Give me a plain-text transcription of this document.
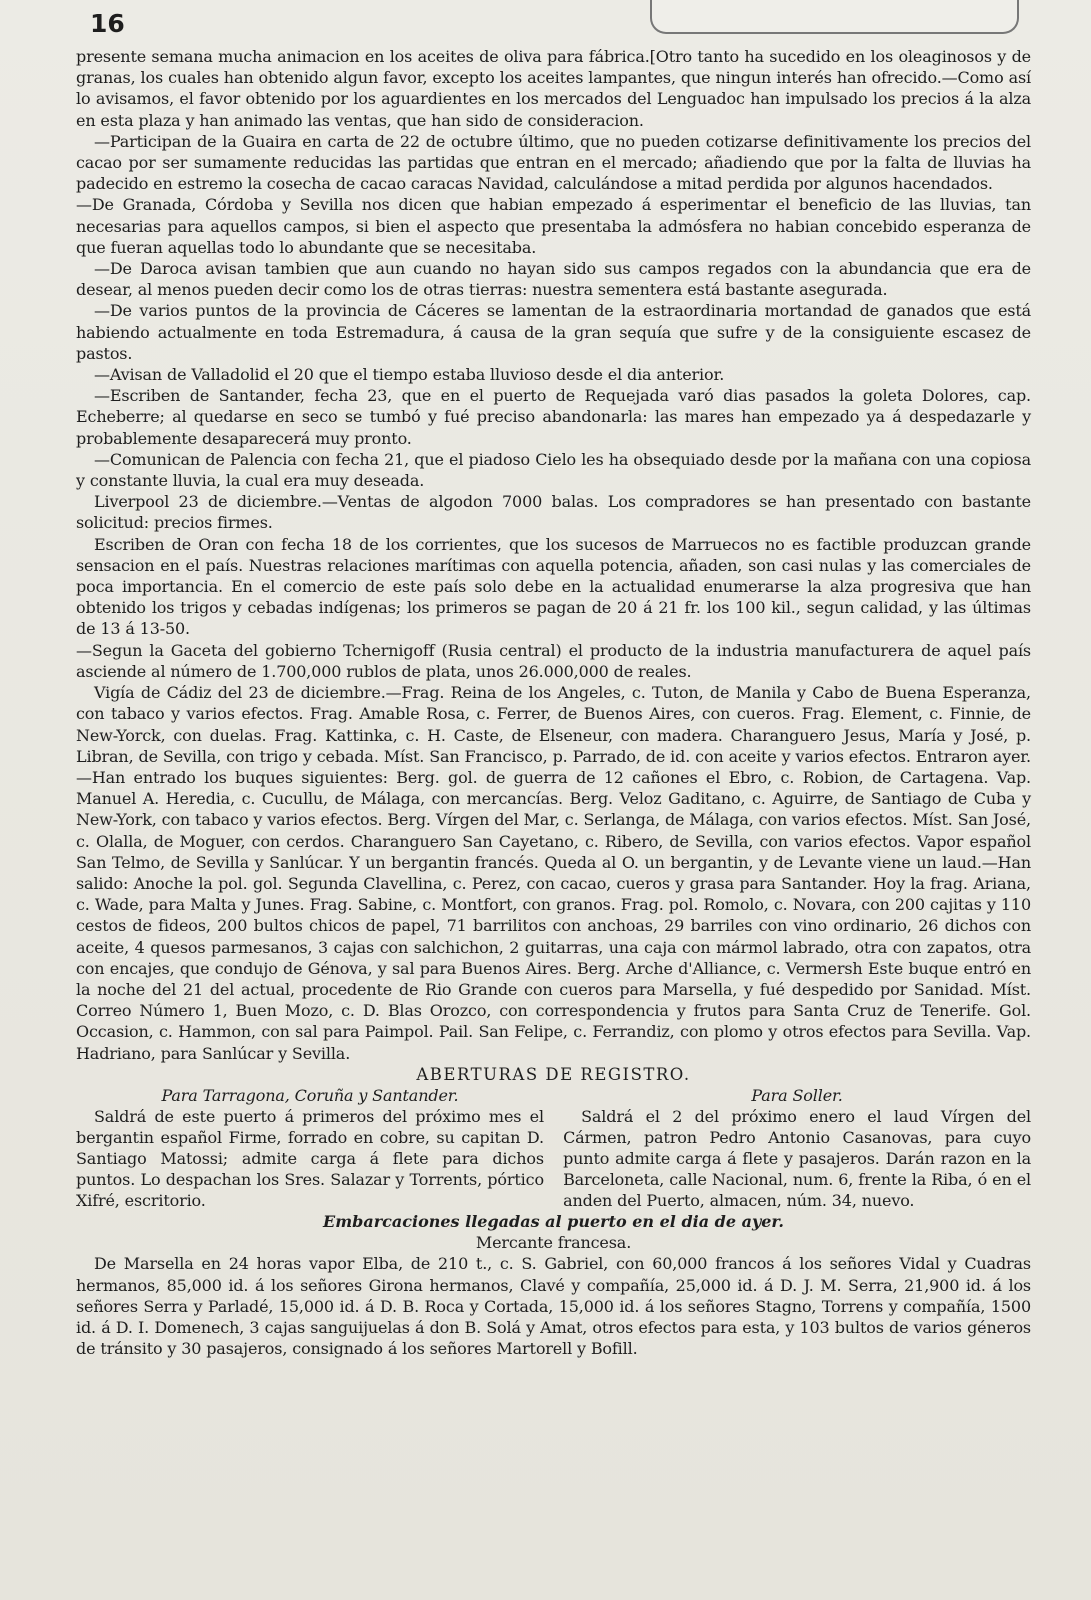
16

presente semana mucha animacion en los aceites de oliva para fábrica.[Otro tanto ha sucedido en los oleaginosos y de granas, los cuales han obtenido algun favor, excepto los aceites lampantes, que ningun interés han ofrecido.—Como así lo avisamos, el favor obtenido por los aguardientes en los mercados del Lenguadoc han impulsado los precios á la alza en esta plaza y han animado las ventas, que han sido de consideracion.

—Participan de la Guaira en carta de 22 de octubre último, que no pueden cotizarse definitivamente los precios del cacao por ser sumamente reducidas las partidas que entran en el mercado; añadiendo que por la falta de lluvias ha padecido en estremo la cosecha de cacao caracas Navidad, calculándose a mitad perdida por algunos hacendados.

—De Granada, Córdoba y Sevilla nos dicen que habian empezado á esperimentar el beneficio de las lluvias, tan necesarias para aquellos campos, si bien el aspecto que presentaba la admósfera no habian concebido esperanza de que fueran aquellas todo lo abundante que se necesitaba.

—De Daroca avisan tambien que aun cuando no hayan sido sus campos regados con la abundancia que era de desear, al menos pueden decir como los de otras tierras: nuestra sementera está bastante asegurada.

—De varios puntos de la provincia de Cáceres se lamentan de la estraordinaria mortandad de ganados que está habiendo actualmente en toda Estremadura, á causa de la gran sequía que sufre y de la consiguiente escasez de pastos.

—Avisan de Valladolid el 20 que el tiempo estaba lluvioso desde el dia anterior.

—Escriben de Santander, fecha 23, que en el puerto de Requejada varó dias pasados la goleta Dolores, cap. Echeberre; al quedarse en seco se tumbó y fué preciso abandonarla: las mares han empezado ya á despedazarle y probablemente desaparecerá muy pronto.

—Comunican de Palencia con fecha 21, que el piadoso Cielo les ha obsequiado desde por la mañana con una copiosa y constante lluvia, la cual era muy deseada.

Liverpool 23 de diciembre.—Ventas de algodon 7000 balas. Los compradores se han presentado con bastante solicitud: precios firmes.

Escriben de Oran con fecha 18 de los corrientes, que los sucesos de Marruecos no es factible produzcan grande sensacion en el país. Nuestras relaciones marítimas con aquella potencia, añaden, son casi nulas y las comerciales de poca importancia. En el comercio de este país solo debe en la actualidad enumerarse la alza progresiva que han obtenido los trigos y cebadas indígenas; los primeros se pagan de 20 á 21 fr. los 100 kil., segun calidad, y las últimas de 13 á 13-50.

—Segun la Gaceta del gobierno Tchernigoff (Rusia central) el producto de la industria manufacturera de aquel país asciende al número de 1.700,000 rublos de plata, unos 26.000,000 de reales.

Vigía de Cádiz del 23 de diciembre.—Frag. Reina de los Angeles, c. Tuton, de Manila y Cabo de Buena Esperanza, con tabaco y varios efectos. Frag. Amable Rosa, c. Ferrer, de Buenos Aires, con cueros. Frag. Element, c. Finnie, de New-Yorck, con duelas. Frag. Kattinka, c. H. Caste, de Elseneur, con madera. Charanguero Jesus, María y José, p. Libran, de Sevilla, con trigo y cebada. Míst. San Francisco, p. Parrado, de id. con aceite y varios efectos. Entraron ayer.—Han entrado los buques siguientes: Berg. gol. de guerra de 12 cañones el Ebro, c. Robion, de Cartagena. Vap. Manuel A. Heredia, c. Cucullu, de Málaga, con mercancías. Berg. Veloz Gaditano, c. Aguirre, de Santiago de Cuba y New-York, con tabaco y varios efectos. Berg. Vírgen del Mar, c. Serlanga, de Málaga, con varios efectos. Míst. San José, c. Olalla, de Moguer, con cerdos. Charanguero San Cayetano, c. Ribero, de Sevilla, con varios efectos. Vapor español San Telmo, de Sevilla y Sanlúcar. Y un bergantin francés. Queda al O. un bergantin, y de Levante viene un laud.—Han salido: Anoche la pol. gol. Segunda Clavellina, c. Perez, con cacao, cueros y grasa para Santander. Hoy la frag. Ariana, c. Wade, para Malta y Junes. Frag. Sabine, c. Montfort, con granos. Frag. pol. Romolo, c. Novara, con 200 cajitas y 110 cestos de fideos, 200 bultos chicos de papel, 71 barrilitos con anchoas, 29 barriles con vino ordinario, 26 dichos con aceite, 4 quesos parmesanos, 3 cajas con salchichon, 2 guitarras, una caja con mármol labrado, otra con zapatos, otra con encajes, que condujo de Génova, y sal para Buenos Aires. Berg. Arche d'Alliance, c. Vermersh Este buque entró en la noche del 21 del actual, procedente de Rio Grande con cueros para Marsella, y fué despedido por Sanidad. Míst. Correo Número 1, Buen Mozo, c. D. Blas Orozco, con correspondencia y frutos para Santa Cruz de Tenerife. Gol. Occasion, c. Hammon, con sal para Paimpol. Pail. San Felipe, c. Ferrandiz, con plomo y otros efectos para Sevilla. Vap. Hadriano, para Sanlúcar y Sevilla.

ABERTURAS DE REGISTRO.

Para Tarragona, Coruña y Santander.

Saldrá de este puerto á primeros del próximo mes el bergantin español Firme, forrado en cobre, su capitan D. Santiago Matossi; admite carga á flete para dichos puntos. Lo despachan los Sres. Salazar y Torrents, pórtico Xifré, escritorio.

Para Soller.

Saldrá el 2 del próximo enero el laud Vírgen del Cármen, patron Pedro Antonio Casanovas, para cuyo punto admite carga á flete y pasajeros. Darán razon en la Barceloneta, calle Nacional, num. 6, frente la Riba, ó en el anden del Puerto, almacen, núm. 34, nuevo.

Embarcaciones llegadas al puerto en el dia de ayer.

Mercante francesa.

De Marsella en 24 horas vapor Elba, de 210 t., c. S. Gabriel, con 60,000 francos á los señores Vidal y Cuadras hermanos, 85,000 id. á los señores Girona hermanos, Clavé y compañía, 25,000 id. á D. J. M. Serra, 21,900 id. á los señores Serra y Parladé, 15,000 id. á D. B. Roca y Cortada, 15,000 id. á los señores Stagno, Torrens y compañía, 1500 id. á D. I. Domenech, 3 cajas sanguijuelas á don B. Solá y Amat, otros efectos para esta, y 103 bultos de varios géneros de tránsito y 30 pasajeros, consignado á los señores Martorell y Bofill.
